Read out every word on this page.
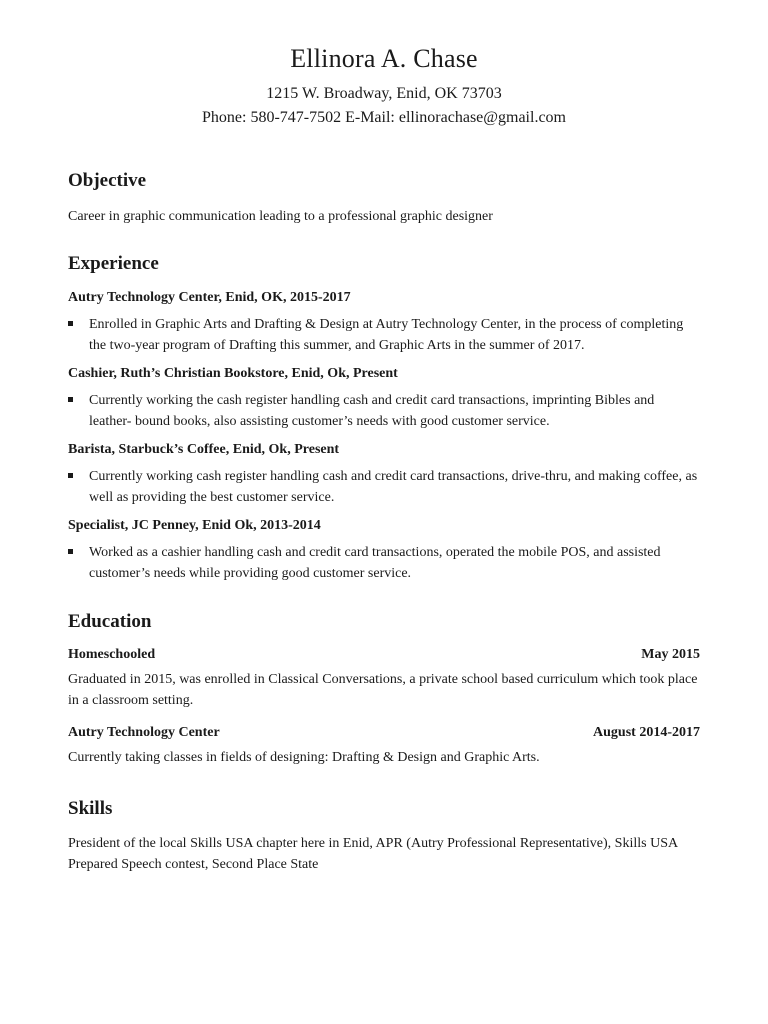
Ellinora A. Chase

1215 W. Broadway, Enid, OK 73703

Phone: 580-747-7502 E-Mail: ellinorachase@gmail.com

Objective

Career in graphic communication leading to a professional graphic designer

Experience

Autry Technology Center, Enid, OK, 2015-2017

Enrolled in Graphic Arts and Drafting & Design at Autry Technology Center, in the process of completing the two-year program of Drafting this summer, and Graphic Arts in the summer of 2017.

Cashier, Ruth’s Christian Bookstore, Enid, Ok, Present

Currently working the cash register handling cash and credit card transactions, imprinting Bibles and leather- bound books, also assisting customer’s needs with good customer service.

Barista, Starbuck’s Coffee, Enid, Ok, Present

Currently working cash register handling cash and credit card transactions, drive-thru, and making coffee, as well as providing the best customer service.

Specialist, JC Penney, Enid Ok, 2013-2014

Worked as a cashier handling cash and credit card transactions, operated the mobile POS, and assisted customer’s needs while providing good customer service.
Education
Homeschooled	May 2015

Graduated in 2015, was enrolled in Classical Conversations, a private school based curriculum which took place in a classroom setting.

Autry Technology Center	August 2014-2017

Currently taking classes in fields of designing: Drafting & Design and Graphic Arts.

Skills

President of the local Skills USA chapter here in Enid, APR (Autry Professional Representative), Skills USA Prepared Speech contest, Second Place State
